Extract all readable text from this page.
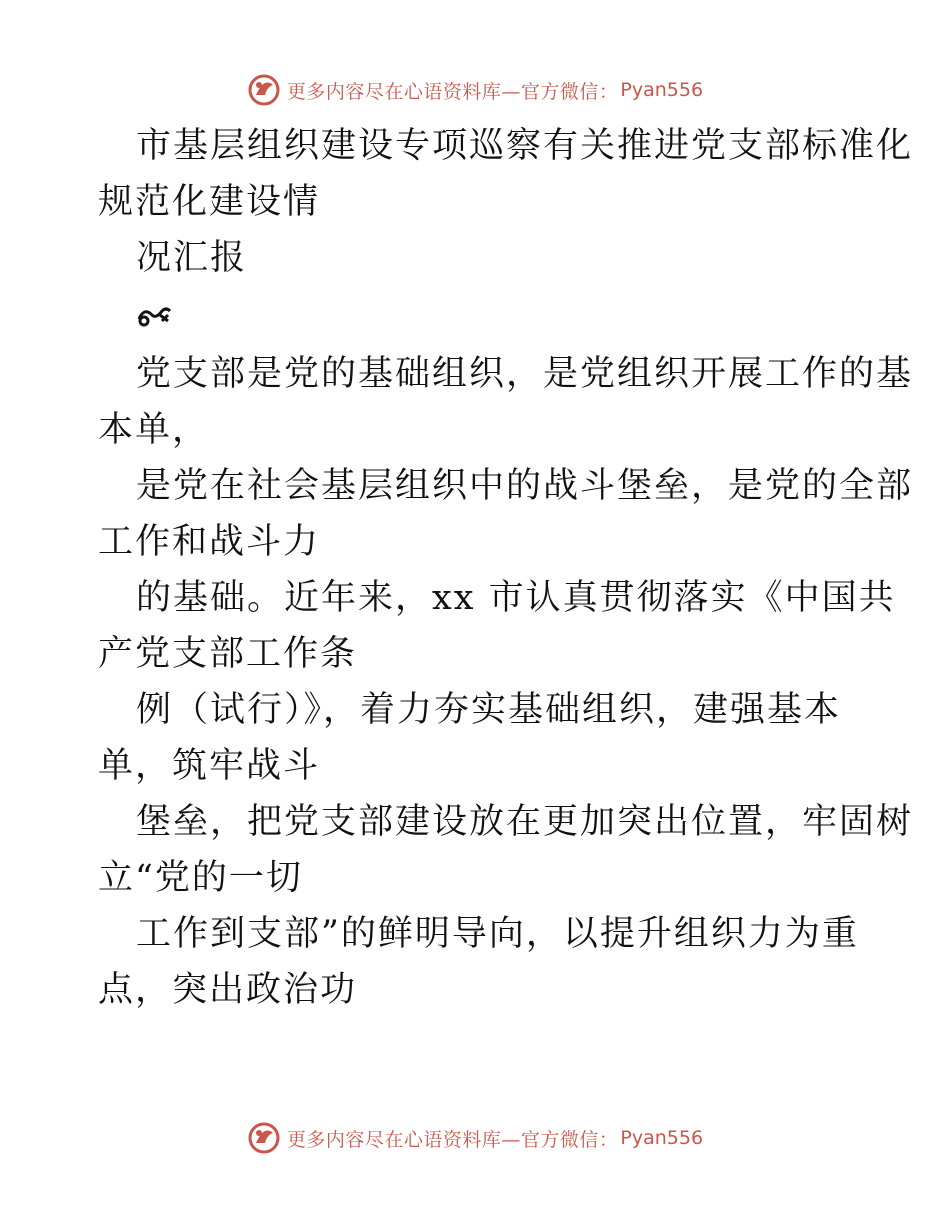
更多内容尽在心语资料库—官方微信： Pyan556
市基层组织建设专项巡察有关推进党支部标准化
规范化建设情
况汇报
党支部是党的基础组织，是党组织开展工作的基
本单，
是党在社会基层组织中的战斗堡垒，是党的全部
工作和战斗力
的基础。近年来，xx 市认真贯彻落实《中国共
产党支部工作条
例（试行）》，着力夯实基础组织，建强基本
单，筑牢战斗
堡垒，把党支部建设放在更加突出位置，牢固树
立“党的一切
工作到支部”的鲜明导向，以提升组织力为重
点，突出政治功
更多内容尽在心语资料库—官方微信： Pyan556
